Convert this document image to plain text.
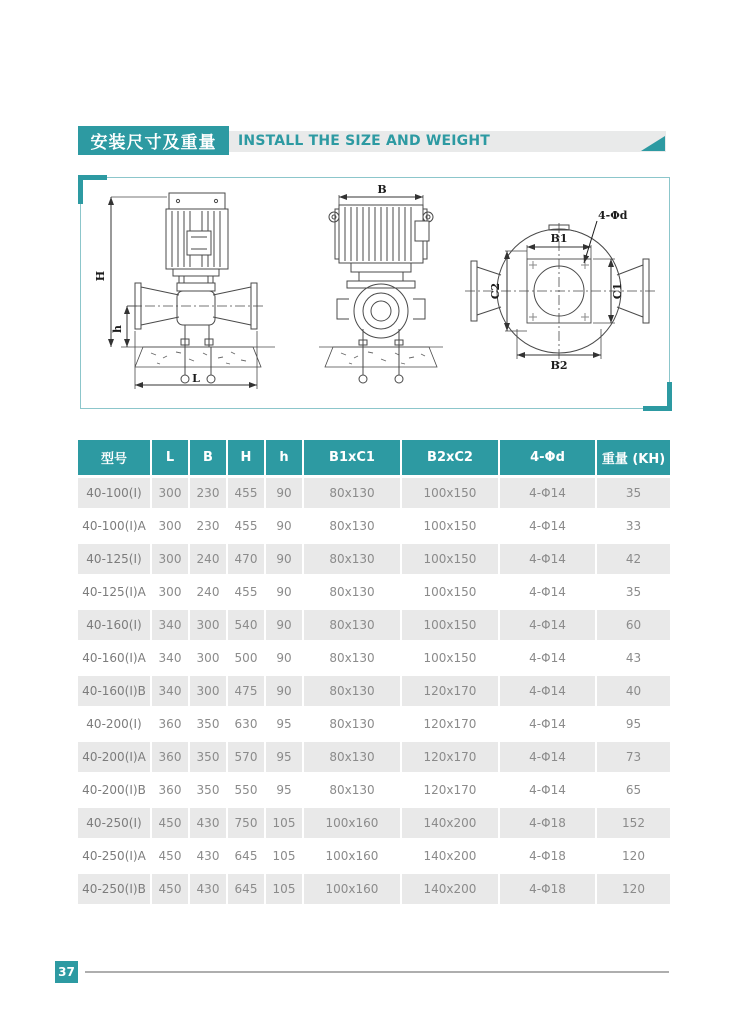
安装尺寸及重量	INSTALL THE SIZE AND WEIGHT
H
h
L
B
B1
B2
C1
C2
4-Φd
型号	L	B	H	h	B1xC1	B2xC2	4-Φd	重量 (KH)
40-100(I)	300	230	455	90	80x130	100x150	4-Φ14	35
40-100(I)A	300	230	455	90	80x130	100x150	4-Φ14	33
40-125(I)	300	240	470	90	80x130	100x150	4-Φ14	42
40-125(I)A	300	240	455	90	80x130	100x150	4-Φ14	35
40-160(I)	340	300	540	90	80x130	100x150	4-Φ14	60
40-160(I)A	340	300	500	90	80x130	100x150	4-Φ14	43
40-160(I)B	340	300	475	90	80x130	120x170	4-Φ14	40
40-200(I)	360	350	630	95	80x130	120x170	4-Φ14	95
40-200(I)A	360	350	570	95	80x130	120x170	4-Φ14	73
40-200(I)B	360	350	550	95	80x130	120x170	4-Φ14	65
40-250(I)	450	430	750	105	100x160	140x200	4-Φ18	152
40-250(I)A	450	430	645	105	100x160	140x200	4-Φ18	120
40-250(I)B	450	430	645	105	100x160	140x200	4-Φ18	120
37
